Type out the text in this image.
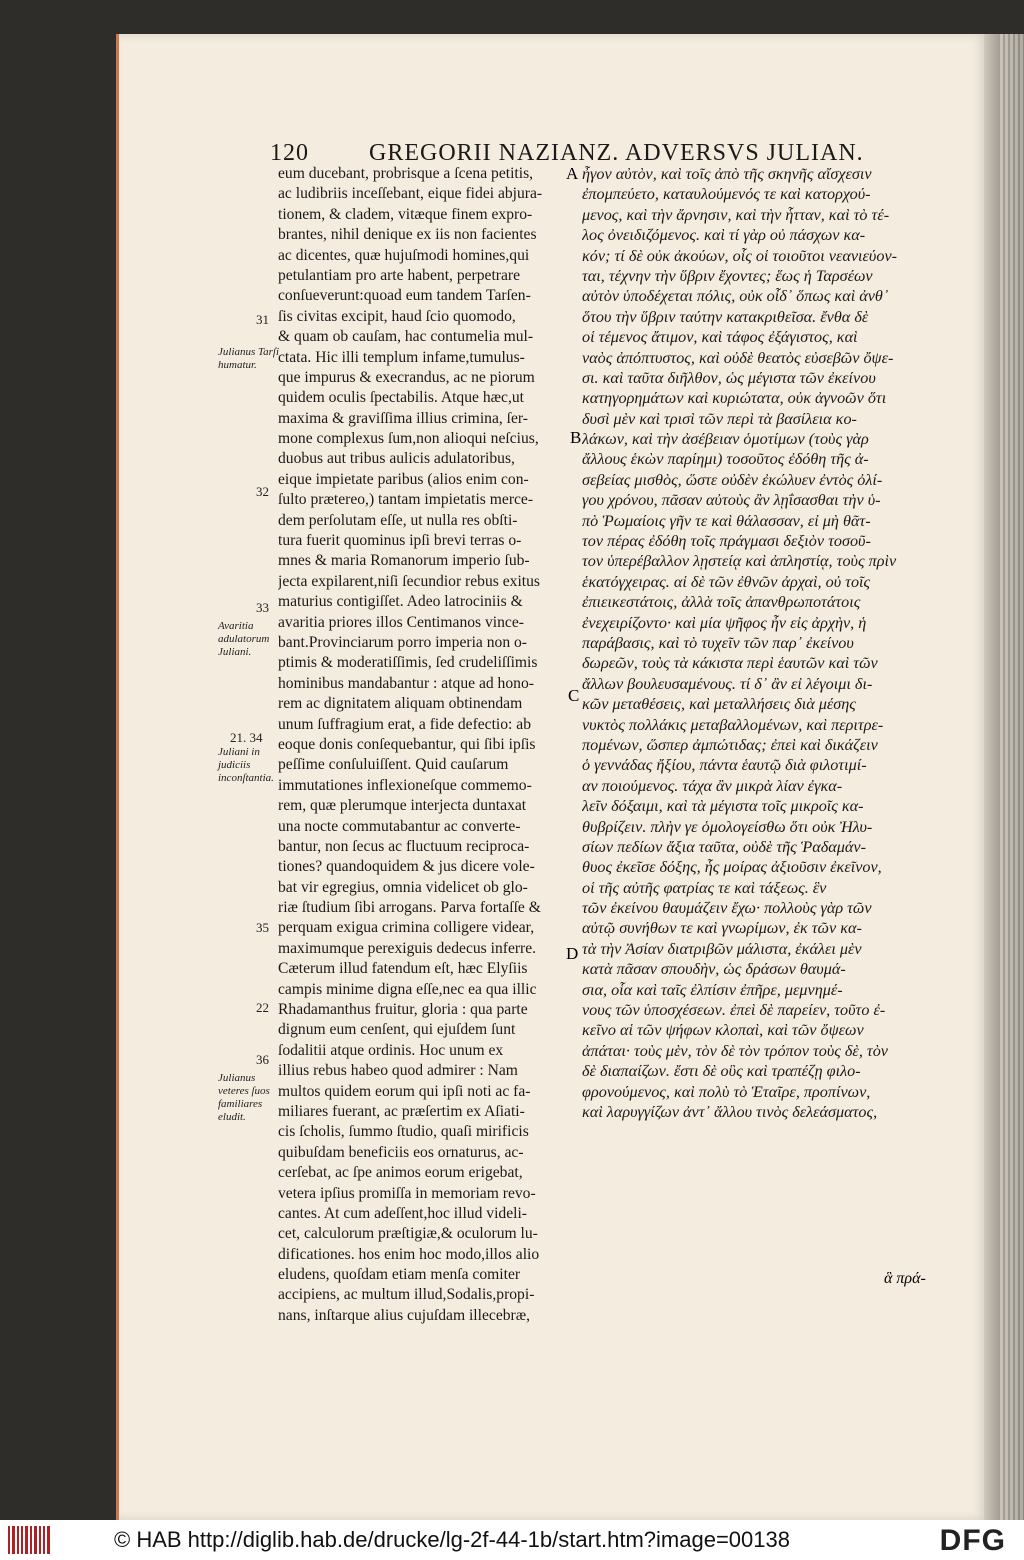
120	GREGORII NAZIANZ. ADVERSVS JULIAN.
eum ducebant, probrisque a ſcena petitis,
ac ludibriis inceſſebant, eique fidei abjura-
tionem, & cladem, vitæque finem expro-
brantes, nihil denique ex iis non facientes
ac dicentes, quæ hujuſmodi homines,qui
petulantiam pro arte habent, perpetrare
conſueverunt:quoad eum tandem Tarſen-
ſis civitas excipit, haud ſcio quomodo,
& quam ob cauſam, hac contumelia mul-
ctata. Hic illi templum infame,tumulus-
que impurus & execrandus, ac ne piorum
quidem oculis ſpectabilis. Atque hæc,ut
maxima & graviſſima illius crimina, ſer-
mone complexus ſum,non alioqui neſcius,
duobus aut tribus aulicis adulatoribus,
eique impietate paribus (alios enim con-
ſulto prætereo,) tantam impietatis merce-
dem perſolutam eſſe, ut nulla res obſti-
tura fuerit quominus ipſi brevi terras o-
mnes & maria Romanorum imperio ſub-
jecta expilarent,niſi ſecundior rebus exitus
maturius contigiſſet. Adeo latrociniis &
avaritia priores illos Centimanos vince-
bant.Provinciarum porro imperia non o-
ptimis & moderatiſſimis, ſed crudeliſſimis
hominibus mandabantur : atque ad hono-
rem ac dignitatem aliquam obtinendam
unum ſuffragium erat, a fide defectio: ab
eoque donis conſequebantur, qui ſibi ipſis
peſſime conſuluiſſent. Quid cauſarum
immutationes inflexioneſque commemo-
rem, quæ plerumque interjecta duntaxat
una nocte commutabantur ac converte-
bantur, non ſecus ac fluctuum reciproca-
tiones? quandoquidem & jus dicere vole-
bat vir egregius, omnia videlicet ob glo-
riæ ſtudium ſibi arrogans. Parva fortaſſe &
perquam exigua crimina colligere videar,
maximumque perexiguis dedecus inferre.
Cæterum illud fatendum eſt, hæc Elyſiis
campis minime digna eſſe,nec ea qua illic
Rhadamanthus fruitur, gloria : qua parte
dignum eum cenſent, qui ejuſdem ſunt
ſodalitii atque ordinis. Hoc unum ex
illius rebus habeo quod admirer : Nam
multos quidem eorum qui ipſi noti ac fa-
miliares fuerant, ac præſertim ex Aſiati-
cis ſcholis, ſummo ſtudio, quaſi mirificis
quibuſdam beneficiis eos ornaturus, ac-
cerſebat, ac ſpe animos eorum erigebat,
vetera ipſius promiſſa in memoriam revo-
cantes. At cum adeſſent,hoc illud videli-
cet, calculorum præſtigiæ,& oculorum lu-
dificationes. hos enim hoc modo,illos alio
eludens, quoſdam etiam menſa comiter
accipiens, ac multum illud,Sodalis,propi-
nans, inſtarque alius cujuſdam illecebræ,
ἦγον αὐτὸν, καὶ τοῖς ἀπὸ τῆς σκηνῆς αἴσχεσιν
ἐπομπεύετο, καταυλούμενός τε καὶ κατορχού-
μενος, καὶ τὴν ἄρνησιν, καὶ τὴν ἧτταν, καὶ τὸ τέ-
λος ὀνειδιζόμενος. καὶ τί γὰρ οὐ πάσχων κα-
κόν; τί δὲ οὐκ ἀκούων, οἷς οἱ τοιοῦτοι νεανιεύον-
ται, τέχνην τὴν ὕβριν ἔχοντες; ἕως ἡ Ταρσέων
αὐτὸν ὑποδέχεται πόλις, οὐκ οἶδ᾽ ὅπως καὶ ἀνθ᾽
ὅτου τὴν ὕβριν ταύτην κατακριθεῖσα. ἔνθα δὲ
οἱ τέμενος ἄτιμον, καὶ τάφος ἐξάγιστος, καὶ
ναὸς ἀπόπτυστος, καὶ οὐδὲ θεατὸς εὐσεβῶν ὄψε-
σι. καὶ ταῦτα διῆλθον, ὡς μέγιστα τῶν ἐκείνου
κατηγορημάτων καὶ κυριώτατα, οὐκ ἀγνοῶν ὅτι
δυσὶ μὲν καὶ τρισὶ τῶν περὶ τὰ βασίλεια κο-
λάκων, καὶ τὴν ἀσέβειαν ὁμοτίμων (τοὺς γὰρ
ἄλλους ἑκὼν παρίημι) τοσοῦτος ἐδόθη τῆς ἀ-
σεβείας μισθὸς, ὥστε οὐδὲν ἐκώλυεν ἐντὸς ὀλί-
γου χρόνου, πᾶσαν αὐτοὺς ἂν λῃΐσασθαι τὴν ὑ-
πὸ Ῥωμαίοις γῆν τε καὶ θάλασσαν, εἰ μὴ θᾶτ-
τον πέρας ἐδόθη τοῖς πράγμασι δεξιὸν τοσοῦ-
τον ὑπερέβαλλον λῃστείᾳ καὶ ἀπληστίᾳ, τοὺς πρὶν
ἑκατόγχειρας. αἱ δὲ τῶν ἐθνῶν ἀρχαὶ, οὐ τοῖς
ἐπιεικεστάτοις, ἀλλὰ τοῖς ἀπανθρωποτάτοις
ἐνεχειρίζοντο· καὶ μία ψῆφος ἦν εἰς ἀρχὴν, ἡ
παράβασις, καὶ τὸ τυχεῖν τῶν παρ᾽ ἐκείνου
δωρεῶν, τοὺς τὰ κάκιστα περὶ ἑαυτῶν καὶ τῶν
ἄλλων βουλευσαμένους. τί δ᾽ ἂν εἰ λέγοιμι δι-
κῶν μεταθέσεις, καὶ μεταλλήσεις διὰ μέσης
νυκτὸς πολλάκις μεταβαλλομένων, καὶ περιτρε-
πομένων, ὥσπερ ἀμπώτιδας; ἐπεὶ καὶ δικάζειν
ὁ γεννάδας ἤξίου, πάντα ἑαυτῷ διὰ φιλοτιμί-
αν ποιούμενος. τάχα ἂν μικρὰ λίαν ἐγκα-
λεῖν δόξαιμι, καὶ τὰ μέγιστα τοῖς μικροῖς κα-
θυβρίζειν. πλὴν γε ὁμολογείσθω ὅτι οὐκ Ἠλυ-
σίων πεδίων ἄξια ταῦτα, οὐδὲ τῆς Ῥαδαμάν-
θυος ἐκεῖσε δόξης, ἧς μοίρας ἀξιοῦσιν ἐκεῖνον,
οἱ τῆς αὐτῆς φατρίας τε καὶ τάξεως. ἓν
τῶν ἐκείνου θαυμάζειν ἔχω· πολλοὺς γὰρ τῶν
αὐτῷ συνήθων τε καὶ γνωρίμων, ἐκ τῶν κα-
τὰ τὴν Ἀσίαν διατριβῶν μάλιστα, ἐκάλει μὲν
κατὰ πᾶσαν σπουδὴν, ὡς δράσων θαυμά-
σια, οἷα καὶ ταῖς ἐλπίσιν ἐπῆρε, μεμνημέ-
νους τῶν ὑποσχέσεων. ἐπεὶ δὲ παρείεν, τοῦτο ἐ-
κεῖνο αἱ τῶν ψήφων κλοπαὶ, καὶ τῶν ὄψεων
ἀπάται· τοὺς μὲν, τὸν δὲ τὸν τρόπον τοὺς δὲ, τὸν
δὲ διαπαίζων. ἔστι δὲ οὓς καὶ τραπέζῃ φιλο-
φρονούμενος, καὶ πολὺ τὸ Ἑταῖρε, προπίνων,
καὶ λαρυγγίζων ἀντ᾽ ἄλλου τινὸς δελεάσματος,
A
B
C
D
31
32
33
21. 34
35
22
36
Julianus Tarſi humatur.
Avaritia adulatorum Juliani.
Juliani in judiciis inconſtantia.
Julianus veteres ſuos familiares eludit.
ἃ πρά-
© HAB http://diglib.hab.de/drucke/lg-2f-44-1b/start.htm?image=00138	DFG
